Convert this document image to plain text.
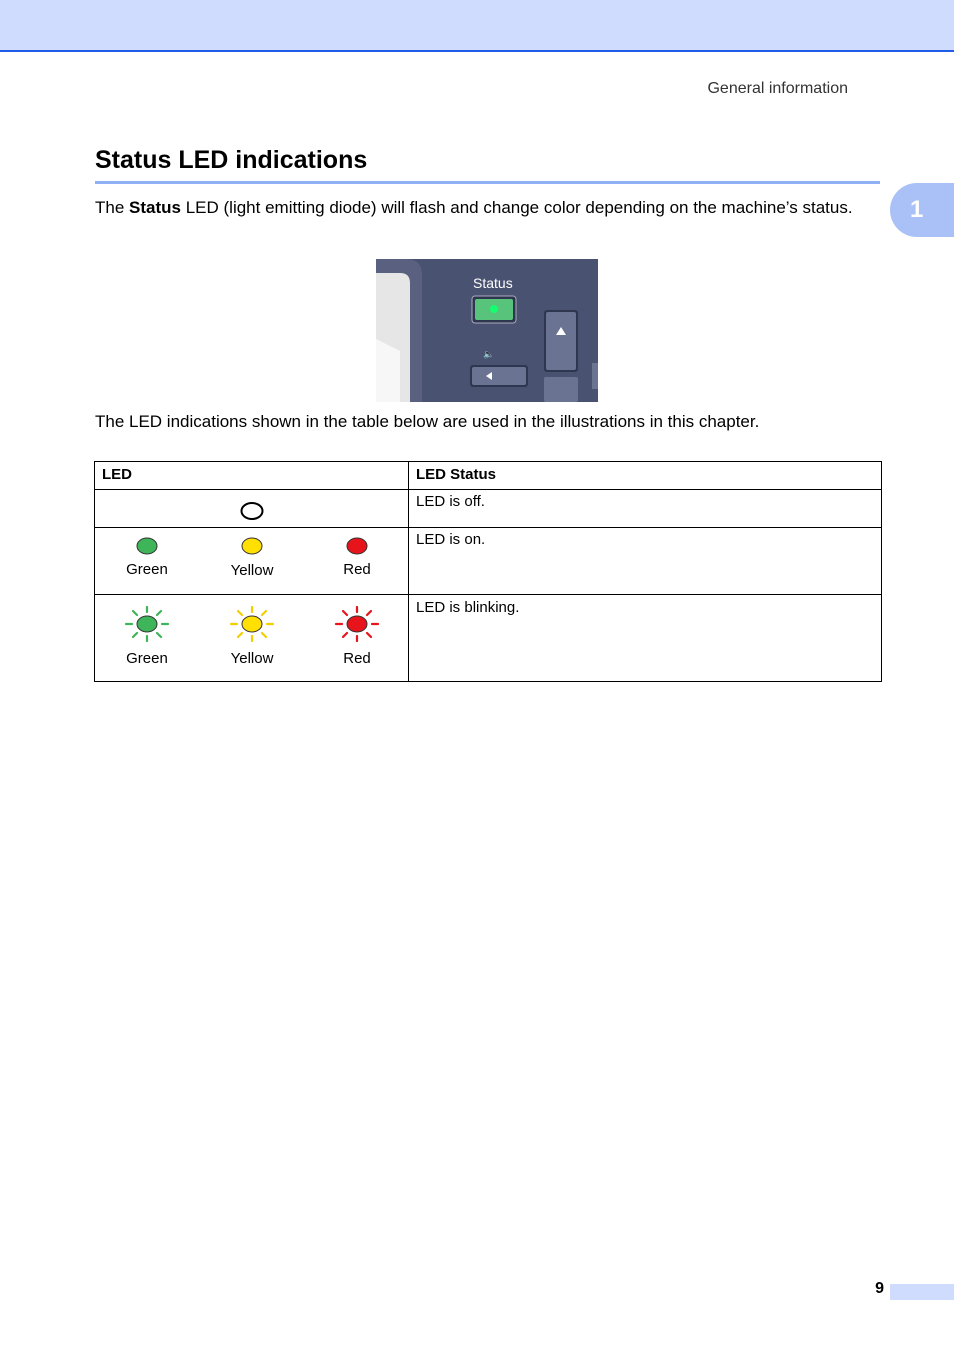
General information
1
Status LED indications

The Status LED (light emitting diode) will flash and change color depending on the machine’s status.

Status
🔈

The LED indications shown in the table below are used in the illustrations in this chapter.

LED	LED Status

	LED is off.

Green Yellow Red	LED is on.

Green Yellow Red	LED is blinking.
9
